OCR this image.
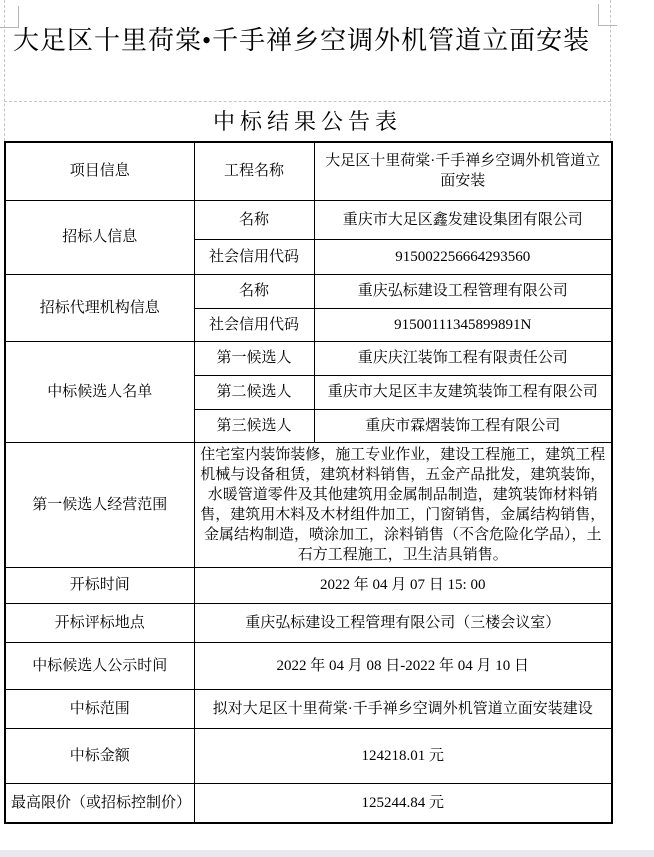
大足区十里荷棠•千手禅乡空调外机管道立面安装
中标结果公告表
项目信息	工程名称	大足区十里荷棠·千手禅乡空调外机管道立面安装
招标人信息	名称	重庆市大足区鑫发建设集团有限公司
	社会信用代码	915002256664293560
招标代理机构信息	名称	重庆弘标建设工程管理有限公司
	社会信用代码	91500111345899891N
中标候选人名单	第一候选人	重庆庆江装饰工程有限责任公司
	第二候选人	重庆市大足区丰友建筑装饰工程有限公司
	第三候选人	重庆市霖熠装饰工程有限公司
第一候选人经营范围	住宅室内装饰装修，施工专业作业，建设工程施工，建筑工程机械与设备租赁，建筑材料销售，五金产品批发，建筑装饰，水暖管道零件及其他建筑用金属制品制造，建筑装饰材料销售，建筑用木料及木材组件加工，门窗销售，金属结构销售，金属结构制造，喷涂加工，涂料销售（不含危险化学品），土石方工程施工，卫生洁具销售。	
开标时间	2022 年 04 月 07 日 15: 00	
开标评标地点	重庆弘标建设工程管理有限公司（三楼会议室）	
中标候选人公示时间	2022 年 04 月 08 日-2022 年 04 月 10 日	
中标范围	拟对大足区十里荷棠·千手禅乡空调外机管道立面安装建设	
中标金额	124218.01 元	
最高限价（或招标控制价）	125244.84 元	
